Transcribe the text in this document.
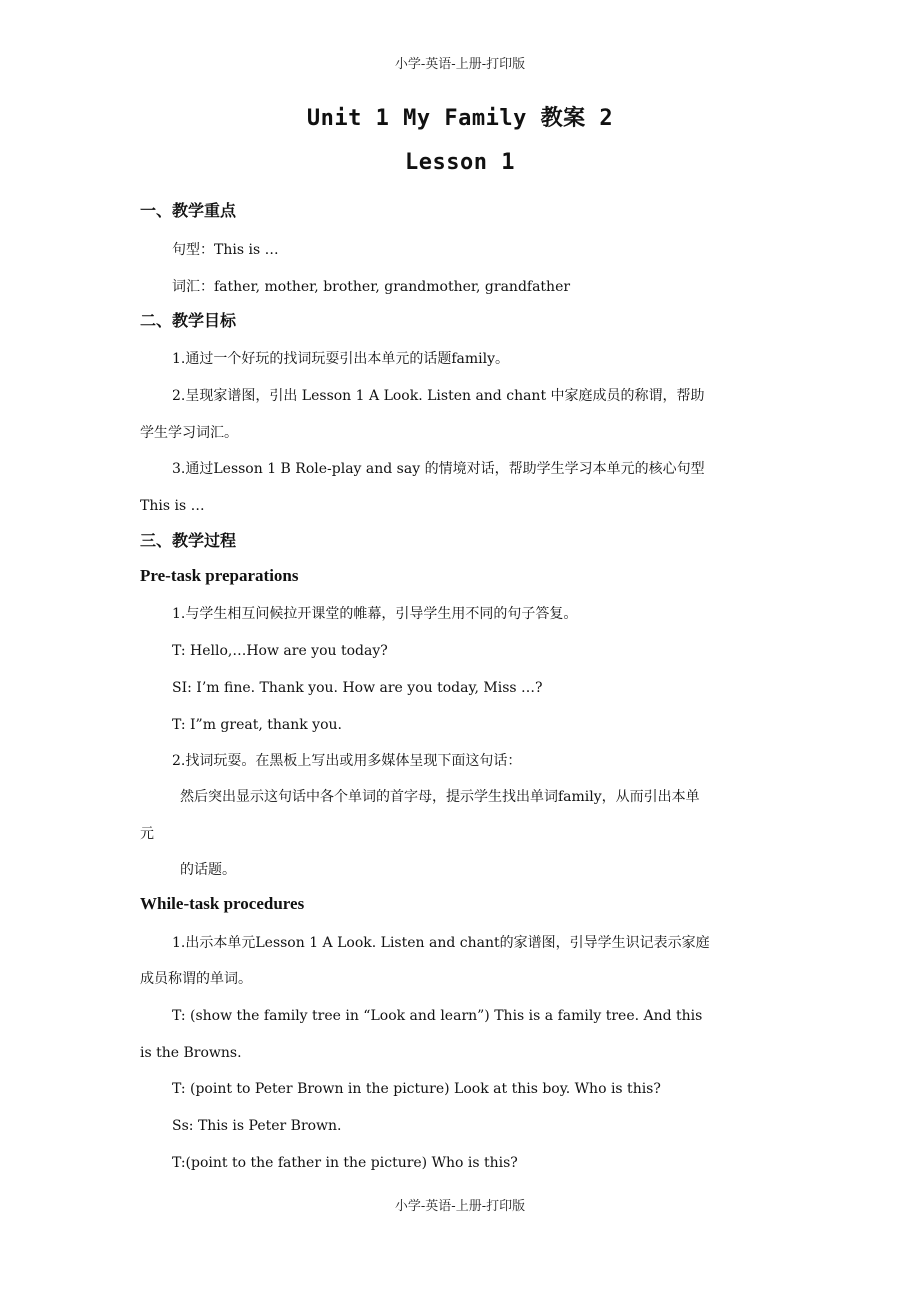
小学-英语-上册-打印版
Unit 1 My Family 教案 2
Lesson 1
一、教学重点
句型：This is …
词汇：father, mother, brother, grandmother, grandfather
二、教学目标
1.通过一个好玩的找词玩耍引出本单元的话题family。
2.呈现家谱图，引出 Lesson 1 A Look. Listen and chant 中家庭成员的称谓，帮助
学生学习词汇。
3.通过Lesson 1 B Role-play and say 的情境对话，帮助学生学习本单元的核心句型
This is …
三、教学过程
Pre-task preparations
1.与学生相互问候拉开课堂的帷幕，引导学生用不同的句子答复。
T: Hello,…How are you today?
SI: I’m fine. Thank you. How are you today, Miss …?
T: I”m great, thank you.
2.找词玩耍。在黑板上写出或用多媒体呈现下面这句话：
然后突出显示这句话中各个单词的首字母，提示学生找出单词family，从而引出本单
元
的话题。
While-task procedures
1.出示本单元Lesson 1 A Look. Listen and chant的家谱图，引导学生识记表示家庭
成员称谓的单词。
T: (show the family tree in “Look and learn”) This is a family tree. And this
is the Browns.
T: (point to Peter Brown in the picture) Look at this boy. Who is this?
Ss: This is Peter Brown.
T:(point to the father in the picture) Who is this?
小学-英语-上册-打印版
